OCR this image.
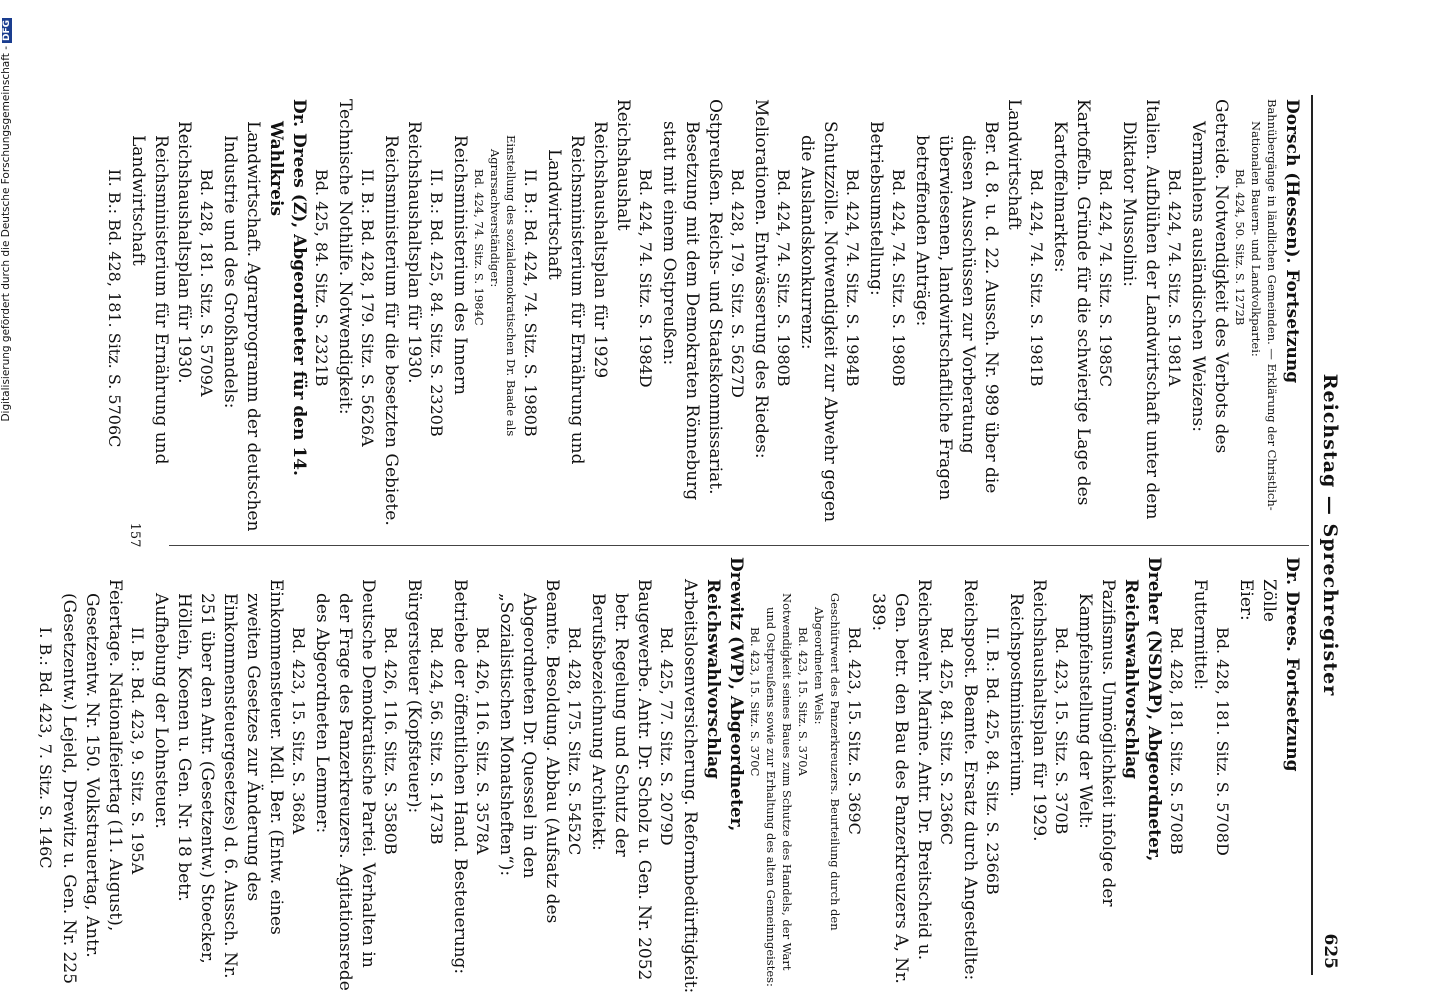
Reichstag — Sprechregister
625

Dorsch (Hessen). Fortsetzung

Bahnübergänge in ländlichen Gemeinden. — Erklärung der Christlich-Nationalen Bauern- und Landvolkpartei:

Bd. 424, 50. Sitz. S. 1272B

Getreide. Notwendigkeit des Verbots des Vermahlens ausländischen Weizens:

Bd. 424, 74. Sitz. S. 1981A

Italien. Aufblühen der Landwirtschaft unter dem Diktator Mussolini:

Bd. 424, 74. Sitz. S. 1985C

Kartoffeln. Gründe für die schwierige Lage des Kartoffelmarktes:

Bd. 424, 74. Sitz. S. 1981B

Landwirtschaft

Ber. d. 8. u. d. 22. Aussch. Nr. 989 über die diesen Ausschüssen zur Vorberatung überwiesenen, landwirtschaftliche Fragen betreffenden Anträge:

Bd. 424, 74. Sitz. S. 1980B

Betriebsumstellung:

Bd. 424, 74. Sitz. S. 1984B

Schutzzölle. Notwendigkeit zur Abwehr gegen die Auslandskonkurrenz:

Bd. 424, 74. Sitz. S. 1980B

Meliorationen. Entwässerung des Riedes:

Bd. 428, 179. Sitz. S. 5627D

Ostpreußen. Reichs- und Staatskommissariat. Besetzung mit dem Demokraten Rönneburg statt mit einem Ostpreußen:

Bd. 424, 74. Sitz. S. 1984D

Reichshaushalt

Reichshaushaltsplan für 1929

Reichsministerium für Ernährung und Landwirtschaft

II. B.: Bd. 424, 74. Sitz. S. 1980B

Einstellung des sozialdemokratischen Dr. Baade als Agrarsachverständiger:

Bd. 424, 74. Sitz. S. 1984C

Reichsministerium des Innern

II. B.: Bd. 425, 84. Sitz. S. 2320B

Reichshaushaltsplan für 1930. Reichsministerium für die besetzten Gebiete.

II. B.: Bd. 428, 179. Sitz. S. 5626A

Technische Nothilfe. Notwendigkeit:

Bd. 425, 84. Sitz. S. 2321B

Dr. Drees (Z), Abgeordneter für den 14. Wahlkreis

Landwirtschaft. Agrarprogramm der deutschen Industrie und des Großhandels:

Bd. 428, 181. Sitz. S. 5709A

Reichshaushaltsplan für 1930. Reichsministerium für Ernährung und Landwirtschaft

II. B.: Bd. 428, 181. Sitz. S. 5706C

Dr. Drees. Fortsetzung

Zölle

Eier:

Bd. 428, 181. Sitz. S. 5708D

Futtermittel:

Bd. 428, 181. Sitz. S. 5708B

Dreher (NSDAP), Abgeordneter, Reichswahlvorschlag

Pazifismus. Unmöglichkeit infolge der Kampfeinstellung der Welt:

Bd. 423, 15. Sitz. S. 370B

Reichshaushaltsplan für 1929. Reichspostministerium.

II. B.: Bd. 425, 84. Sitz. S. 2366B

Reichspost. Beamte. Ersatz durch Angestellte:

Bd. 425, 84. Sitz. S. 2366C

Reichswehr. Marine. Antr. Dr. Breitscheid u. Gen. betr. den Bau des Panzerkreuzers A, Nr. 389:

Bd. 423, 15. Sitz. S. 369C

Geschütrwert des Panzerkreuzers. Beurteilung durch den Abgeordneten Wels:

Bd. 423, 15. Sitz. S. 370A

Notwendigkeit seines Baues zum Schutze des Handels, der Wart und Ostpreußens sowie zur Erhaltung des alten Gemeinngeistes:

Bd. 423, 15. Sitz. S. 370C

Drewitz (WP), Abgeordneter, Reichswahlvorschlag

Arbeitslosenversicherung. Reformbedürftigkeit:

Bd. 425, 77. Sitz. S. 2079D

Baugewerbe. Antr. Dr. Scholz u. Gen. Nr. 2052 betr. Regelung und Schutz der Berufsbezeichnung Architekt:

Bd. 428, 175. Sitz. S. 5452C

Beamte. Besoldung. Abbau (Aufsatz des Abgeordneten Dr. Quessel in den „Sozialistischen Monatsheften“):

Bd. 426, 116. Sitz. S. 3578A

Betriebe der öffentlichen Hand. Besteuerung:

Bd. 424, 56. Sitz. S. 1473B

Bürgersteuer (Kopfsteuer):

Bd. 426, 116. Sitz. S. 3580B

Deutsche Demokratische Partei. Verhalten in der Frage des Panzerkreuzers. Agitationsrede des Abgeordneten Lemmer:

Bd. 423, 15. Sitz. S. 368A

Einkommensteuer. Mdl. Ber. (Entw. eines zweiten Gesetzes zur Änderung des Einkommensteuergesetzes) d. 6. Aussch. Nr. 251 über den Antr. (Gesetzentw.) Stoecker, Höllein, Koenen u. Gen. Nr. 18 betr. Aufhebung der Lohnsteuer.

II. B.: Bd. 423, 9. Sitz. S. 195A

Feiertage. Nationalfeiertag (11. August), Gesetzentw. Nr. 150. Volkstrauertag, Antr. (Gesetzentw.) Lejeld, Drewitz u. Gen. Nr. 225

I. B.: Bd. 423, 7. Sitz. S. 146C

157
Digitalisierung gefördert durch die Deutsche Forschungsgemeinschaft -DFG
